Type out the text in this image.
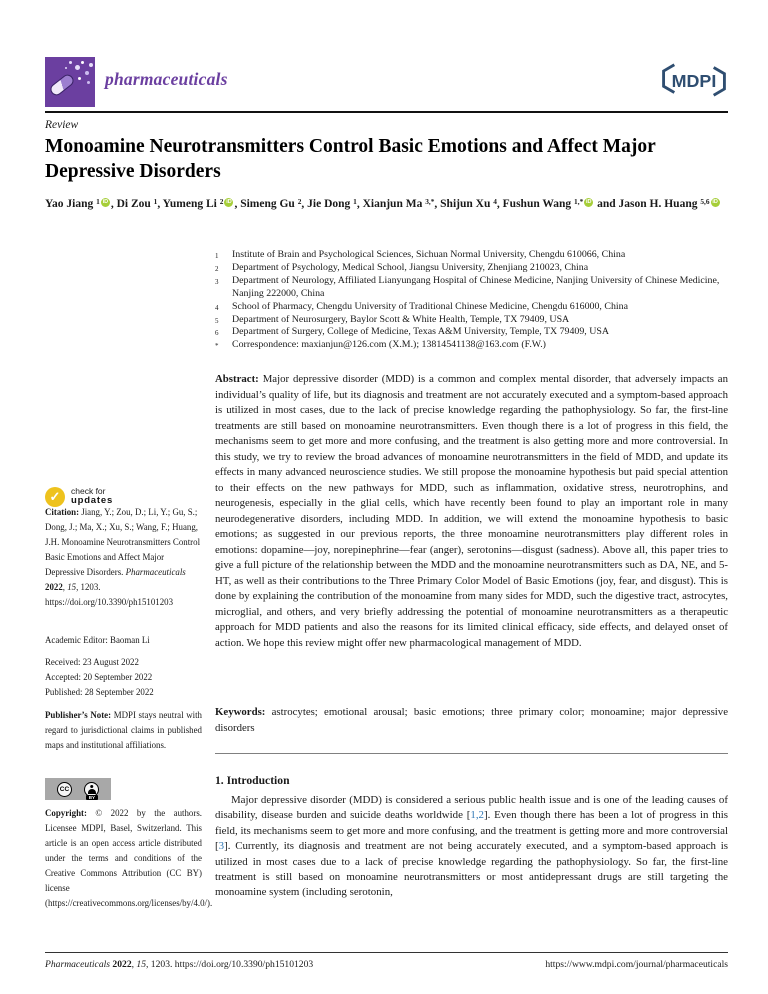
pharmaceuticals	MDPI
Review
Monoamine Neurotransmitters Control Basic Emotions and Affect Major Depressive Disorders
Yao Jiang $^1$ iD , Di Zou $^1$, Yumeng Li $^2$ iD , Simeng Gu $^2$, Jie Dong $^1$, Xianjun Ma $^{3,*}$, Shijun Xu $^4$, Fushun Wang $^{1,*}$ iD and Jason H. Huang $^{5,6}$ iD
1	Institute of Brain and Psychological Sciences, Sichuan Normal University, Chengdu 610066, China
2	Department of Psychology, Medical School, Jiangsu University, Zhenjiang 210023, China
3	Department of Neurology, Affiliated Lianyungang Hospital of Chinese Medicine, Nanjing University of Chinese Medicine, Nanjing 222000, China
4	School of Pharmacy, Chengdu University of Traditional Chinese Medicine, Chengdu 616000, China
5	Department of Neurosurgery, Baylor Scott & White Health, Temple, TX 79409, USA
6	Department of Surgery, College of Medicine, Texas A&M University, Temple, TX 79409, USA
*	Correspondence: maxianjun@126.com (X.M.); 13814541138@163.com (F.W.)

Abstract: Major depressive disorder (MDD) is a common and complex mental disorder, that adversely impacts an individual’s quality of life, but its diagnosis and treatment are not accurately executed and a symptom-based approach is utilized in most cases, due to the lack of precise knowledge regarding the pathophysiology. So far, the first-line treatments are still based on monoamine neurotransmitters. Even though there is a lot of progress in this field, the mechanisms seem to get more and more confusing, and the treatment is also getting more and more controversial. In this study, we try to review the broad advances of monoamine neurotransmitters in the field of MDD, and update its effects in many advanced neuroscience studies. We still propose the monoamine hypothesis but paid special attention to their effects on the new pathways for MDD, such as inflammation, oxidative stress, neurotrophins, and neurogenesis, especially in the glial cells, which have recently been found to play an important role in many neurodegenerative disorders, including MDD. In addition, we will extend the monoamine hypothesis to basic emotions; as suggested in our previous reports, the three monoamine neurotransmitters play different roles in emotions: dopamine—joy, norepinephrine—fear (anger), serotonins—disgust (sadness). Above all, this paper tries to give a full picture of the relationship between the MDD and the monoamine neurotransmitters such as DA, NE, and 5-HT, as well as their contributions to the Three Primary Color Model of Basic Emotions (joy, fear, and disgust). This is done by explaining the contribution of the monoamine from many sides for MDD, such the digestive tract, astrocytes, microglial, and others, and very briefly addressing the potential of monoamine neurotransmitters as a therapeutic approach for MDD patients and also the reasons for its limited clinical efficacy, side effects, and delayed onset of action. We hope this review might offer new pharmacological management of MDD.

Keywords: astrocytes; emotional arousal; basic emotions; three primary color; monoamine; major depressive disorders

1. Introduction

Major depressive disorder (MDD) is considered a serious public health issue and is one of the leading causes of disability, disease burden and suicide deaths worldwide [1,2]. Even though there has been a lot of progress in this field, its mechanisms seem to get more and more confusing, and the treatment is getting more and more controversial [3]. Currently, its diagnosis and treatment are not being accurately executed, and a symptom-based approach is utilized in most cases due to a lack of precise knowledge regarding the pathophysiology. So far, the first-line treatment is still based on monoamine neurotransmitters or most antidepressant drugs are still targeting the monoamine system (including serotonin,

✓	check for
updates

Citation: Jiang, Y.; Zou, D.; Li, Y.; Gu, S.; Dong, J.; Ma, X.; Xu, S.; Wang, F.; Huang, J.H. Monoamine Neurotransmitters Control Basic Emotions and Affect Major Depressive Disorders. Pharmaceuticals 2022, 15, 1203. https://doi.org/10.3390/ph15101203

Academic Editor: Baoman Li

Received: 23 August 2022
Accepted: 20 September 2022
Published: 28 September 2022

Publisher’s Note: MDPI stays neutral with regard to jurisdictional claims in published maps and institutional affiliations.

CC
BY

Copyright: © 2022 by the authors. Licensee MDPI, Basel, Switzerland. This article is an open access article distributed under the terms and conditions of the Creative Commons Attribution (CC BY) license (https://creativecommons.org/licenses/by/4.0/).

Pharmaceuticals 2022, 15, 1203. https://doi.org/10.3390/ph15101203	https://www.mdpi.com/journal/pharmaceuticals
